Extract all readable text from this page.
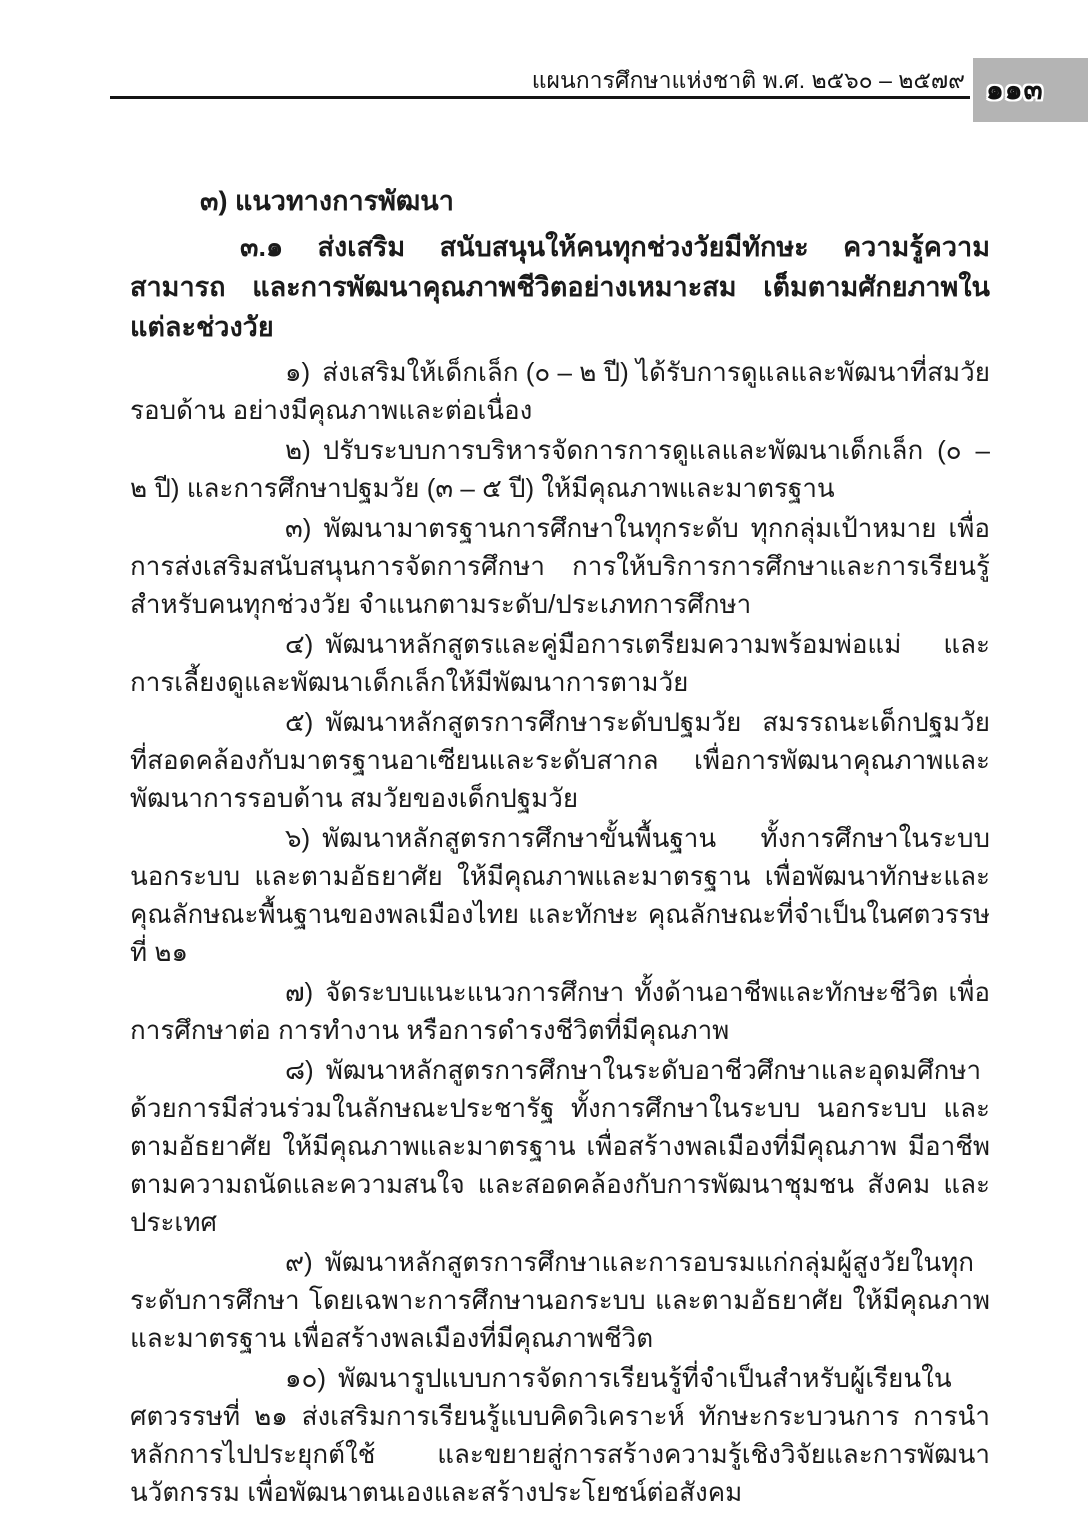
แผนการศึกษาแห่งชาติ พ.ศ. ๒๕๖๐ – ๒๕๗๙ ๑๑๓
๓) แนวทางการพัฒนา
๓.๑ ส่งเสริม สนับสนุนให้คนทุกช่วงวัยมีทักษะ ความรู้ความสามารถ และการพัฒนาคุณภาพชีวิตอย่างเหมาะสม เต็มตามศักยภาพในแต่ละช่วงวัย

๑) ส่งเสริมให้เด็กเล็ก (๐ – ๒ ปี) ได้รับการดูแลและพัฒนาที่สมวัย รอบด้าน อย่างมีคุณภาพและต่อเนื่อง

๒) ปรับระบบการบริหารจัดการการดูแลและพัฒนาเด็กเล็ก (๐ – ๒ ปี) และการศึกษาปฐมวัย (๓ – ๕ ปี) ให้มีคุณภาพและมาตรฐาน

๓) พัฒนามาตรฐานการศึกษาในทุกระดับ ทุกกลุ่มเป้าหมาย เพื่อการส่งเสริมสนับสนุนการจัดการศึกษา การให้บริการการศึกษาและการเรียนรู้สำหรับคนทุกช่วงวัย จำแนกตามระดับ/ประเภทการศึกษา

๔) พัฒนาหลักสูตรและคู่มือการเตรียมความพร้อมพ่อแม่ และการเลี้ยงดูและพัฒนาเด็กเล็กให้มีพัฒนาการตามวัย

๕) พัฒนาหลักสูตรการศึกษาระดับปฐมวัย สมรรถนะเด็กปฐมวัยที่สอดคล้องกับมาตรฐานอาเซียนและระดับสากล เพื่อการพัฒนาคุณภาพและพัฒนาการรอบด้าน สมวัยของเด็กปฐมวัย

๖) พัฒนาหลักสูตรการศึกษาขั้นพื้นฐาน ทั้งการศึกษาในระบบ นอกระบบ และตามอัธยาศัย ให้มีคุณภาพและมาตรฐาน เพื่อพัฒนาทักษะและคุณลักษณะพื้นฐานของพลเมืองไทย และทักษะ คุณลักษณะที่จำเป็นในศตวรรษที่ ๒๑

๗) จัดระบบแนะแนวการศึกษา ทั้งด้านอาชีพและทักษะชีวิต เพื่อการศึกษาต่อ การทำงาน หรือการดำรงชีวิตที่มีคุณภาพ

๘) พัฒนาหลักสูตรการศึกษาในระดับอาชีวศึกษาและอุดมศึกษา ด้วยการมีส่วนร่วมในลักษณะประชารัฐ ทั้งการศึกษาในระบบ นอกระบบ และตามอัธยาศัย ให้มีคุณภาพและมาตรฐาน เพื่อสร้างพลเมืองที่มีคุณภาพ มีอาชีพตามความถนัดและความสนใจ และสอดคล้องกับการพัฒนาชุมชน สังคม และประเทศ

๙) พัฒนาหลักสูตรการศึกษาและการอบรมแก่กลุ่มผู้สูงวัยในทุกระดับการศึกษา โดยเฉพาะการศึกษานอกระบบ และตามอัธยาศัย ให้มีคุณภาพและมาตรฐาน เพื่อสร้างพลเมืองที่มีคุณภาพชีวิต

๑๐) พัฒนารูปแบบการจัดการเรียนรู้ที่จำเป็นสำหรับผู้เรียนในศตวรรษที่ ๒๑ ส่งเสริมการเรียนรู้แบบคิดวิเคราะห์ ทักษะกระบวนการ การนำหลักการไปประยุกต์ใช้ และขยายสู่การสร้างความรู้เชิงวิจัยและการพัฒนานวัตกรรม เพื่อพัฒนาตนเองและสร้างประโยชน์ต่อสังคม
